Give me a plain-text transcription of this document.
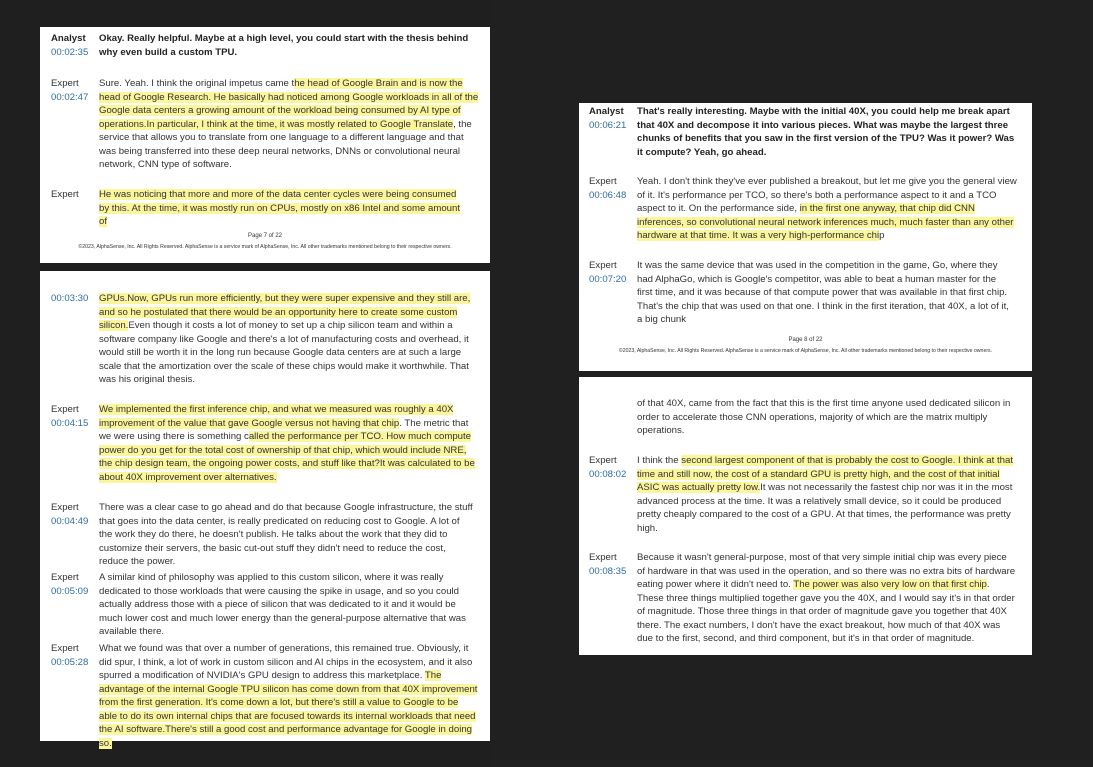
Analyst
00:02:35
Okay. Really helpful. Maybe at a high level, you could start with the thesis behind why even build a custom TPU.
Expert
00:02:47
Sure. Yeah. I think the original impetus came the head of Google Brain and is now the head of Google Research. He basically had noticed among Google workloads in all of the Google data centers a growing amount of the workload being consumed by AI type of operations.In particular, I think at the time, it was mostly related to Google Translate, the service that allows you to translate from one language to a different language and that was being transferred into these deep neural networks, DNNs or convolutional neural network, CNN type of software.
Expert	He was noticing that more and more of the data center cycles were being consumed by this. At the time, it was mostly run on CPUs, mostly on x86 Intel and some amount of
Page 7 of 22
©2023, AlphaSense, Inc. All Rights Reserved. AlphaSense is a service mark of AlphaSense, Inc. All other trademarks mentioned belong to their respective owners.
00:03:30	GPUs.Now, GPUs run more efficiently, but they were super expensive and they still are, and so he postulated that there would be an opportunity here to create some custom silicon.Even though it costs a lot of money to set up a chip silicon team and within a software company like Google and there's a lot of manufacturing costs and overhead, it would still be worth it in the long run because Google data centers are at such a large scale that the amortization over the scale of these chips would make it worthwhile. That was his original thesis.
Expert
00:04:15
We implemented the first inference chip, and what we measured was roughly a 40X improvement of the value that gave Google versus not having that chip. The metric that we were using there is something called the performance per TCO. How much compute power do you get for the total cost of ownership of that chip, which would include NRE, the chip design team, the ongoing power costs, and stuff like that?It was calculated to be about 40X improvement over alternatives.
Expert
00:04:49
There was a clear case to go ahead and do that because Google infrastructure, the stuff that goes into the data center, is really predicated on reducing cost to Google. A lot of the work they do there, he doesn't publish. He talks about the work that they did to customize their servers, the basic cut-out stuff they didn't need to reduce the cost, reduce the power.
Expert
00:05:09
A similar kind of philosophy was applied to this custom silicon, where it was really dedicated to those workloads that were causing the spike in usage, and so you could actually address those with a piece of silicon that was dedicated to it and it would be much lower cost and much lower energy than the general-purpose alternative that was available there.
Expert
00:05:28
What we found was that over a number of generations, this remained true. Obviously, it did spur, I think, a lot of work in custom silicon and AI chips in the ecosystem, and it also spurred a modification of NVIDIA's GPU design to address this marketplace. The advantage of the internal Google TPU silicon has come down from that 40X improvement from the first generation. It's come down a lot, but there's still a value to Google to be able to do its own internal chips that are focused towards its internal workloads that need the AI software.There's still a good cost and performance advantage for Google in doing so.
Analyst
00:06:21
That's really interesting. Maybe with the initial 40X, you could help me break apart that 40X and decompose it into various pieces. What was maybe the largest three chunks of benefits that you saw in the first version of the TPU? Was it power? Was it compute? Yeah, go ahead.
Expert
00:06:48
Yeah. I don't think they've ever published a breakout, but let me give you the general view of it. It's performance per TCO, so there's both a performance aspect to it and a TCO aspect to it. On the performance side, in the first one anyway, that chip did CNN inferences, so convolutional neural network inferences much, much faster than any other hardware at that time. It was a very high-performance chip
Expert
00:07:20
It was the same device that was used in the competition in the game, Go, where they had AlphaGo, which is Google's competitor, was able to beat a human master for the first time, and it was because of that compute power that was available in that first chip. That's the chip that was used on that one. I think in the first iteration, that 40X, a lot of it, a big chunk
Page 8 of 22
©2023, AlphaSense, Inc. All Rights Reserved. AlphaSense is a service mark of AlphaSense, Inc. All other trademarks mentioned belong to their respective owners.
of that 40X, came from the fact that this is the first time anyone used dedicated silicon in order to accelerate those CNN operations, majority of which are the matrix multiply operations.
Expert
00:08:02
I think the second largest component of that is probably the cost to Google. I think at that time and still now, the cost of a standard GPU is pretty high, and the cost of that initial ASIC was actually pretty low.It was not necessarily the fastest chip nor was it in the most advanced process at the time. It was a relatively small device, so it could be produced pretty cheaply compared to the cost of a GPU. At that times, the performance was pretty high.
Expert
00:08:35
Because it wasn't general-purpose, most of that very simple initial chip was every piece of hardware in that was used in the operation, and so there was no extra bits of hardware eating power where it didn't need to. The power was also very low on that first chip. These three things multiplied together gave you the 40X, and I would say it's in that order of magnitude. Those three things in that order of magnitude gave you together that 40X there. The exact numbers, I don't have the exact breakout, how much of that 40X was due to the first, second, and third component, but it's in that order of magnitude.
